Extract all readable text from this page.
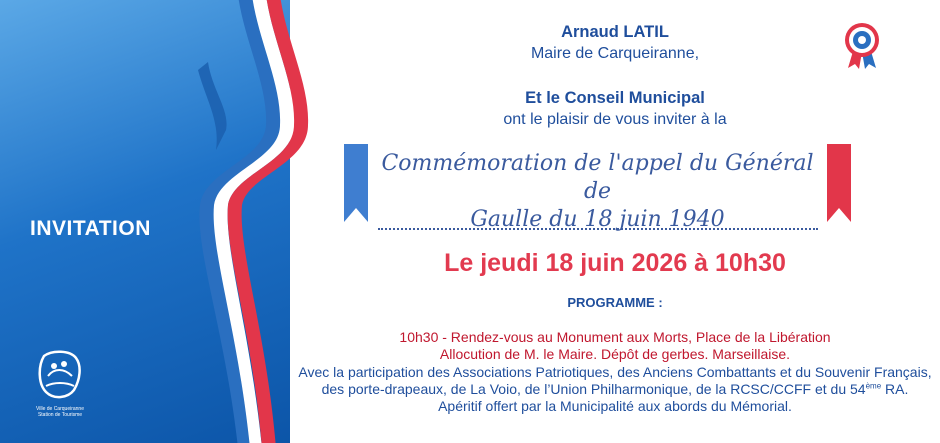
INVITATION
Ville de Carqueiranne Station de Tourisme
Arnaud LATIL
Maire de Carqueiranne,
Et le Conseil Municipal
ont le plaisir de vous inviter à la
Commémoration de l'appel du Général de
Gaulle du 18 juin 1940
Le jeudi 18 juin 2026 à 10h30
PROGRAMME :
10h30 - Rendez-vous au Monument aux Morts, Place de la Libération
Allocution de M. le Maire. Dépôt de gerbes. Marseillaise.
Avec la participation des Associations Patriotiques, des Anciens Combattants et du Souvenir Français,
des porte-drapeaux, de La Voio, de l’Union Philharmonique, de la RCSC/CCFF et du 54ème RA.
Apéritif offert par la Municipalité aux abords du Mémorial.
